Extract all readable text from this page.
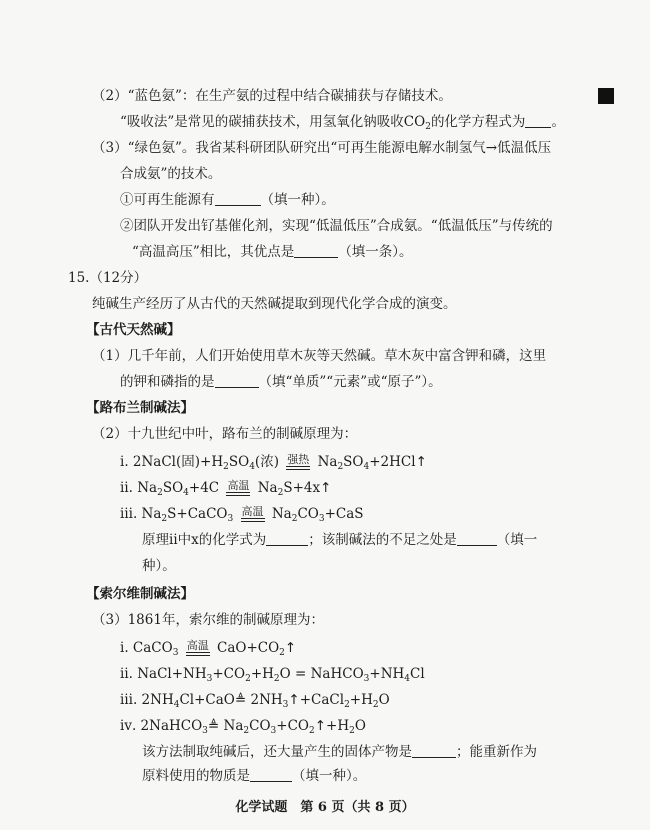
（2）“蓝色氨”：在生产氨的过程中结合碳捕获与存储技术。
“吸收法”是常见的碳捕获技术，用氢氧化钠吸收$CO_2$的化学方程式为 。
（3）“绿色氨”。我省某科研团队研究出“可再生能源电解水制氢气→低温低压
合成氨”的技术。
①可再生能源有	（填一种）。
②团队开发出钌基催化剂，实现“低温低压”合成氨。“低温低压”与传统的
“高温高压”相比，其优点是	（填一条）。
15.（12分）
纯碱生产经历了从古代的天然碱提取到现代化学合成的演变。
【古代天然碱】
（1）几千年前，人们开始使用草木灰等天然碱。草木灰中富含钾和磷，这里
的钾和磷指的是	（填“单质”“元素”或“原子”）。
【路布兰制碱法】
（2）十九世纪中叶，路布兰的制碱原理为：
ⅰ. 2NaCl(固)$+H_2SO_4$(浓) 强热 $Na_2SO_4+2HCl↑$
ⅱ. $Na_2SO_4+4C$ 高温 $Na_2S+4x↑$
ⅲ. $Na_2S+CaCO_3$
高温 $Na_2CO_3+CaS$
原理ⅱ中x的化学式为	；该制碱法的不足之处是	（填一
种）。
【索尔维制碱法】
（3）1861年，索尔维的制碱原理为：
ⅰ. CaCO$_3$
高温 $CaO+CO_2↑$
ⅱ. $NaCl+NH_3+CO_2+H_2O$ = $NaHCO_3+NH_4Cl$
ⅲ. $2NH_4Cl+CaO≜$ $2NH_3↑+CaCl_2+H_2O$
ⅳ. 2NaHCO$_3$≜ $Na_2CO_3+CO_2↑+H_2O$
该方法制取纯碱后，还大量产生的固体产物是	；能重新作为
化学试题　第 6 页（共 8 页）
原料使用的物质是	（填一种）。
